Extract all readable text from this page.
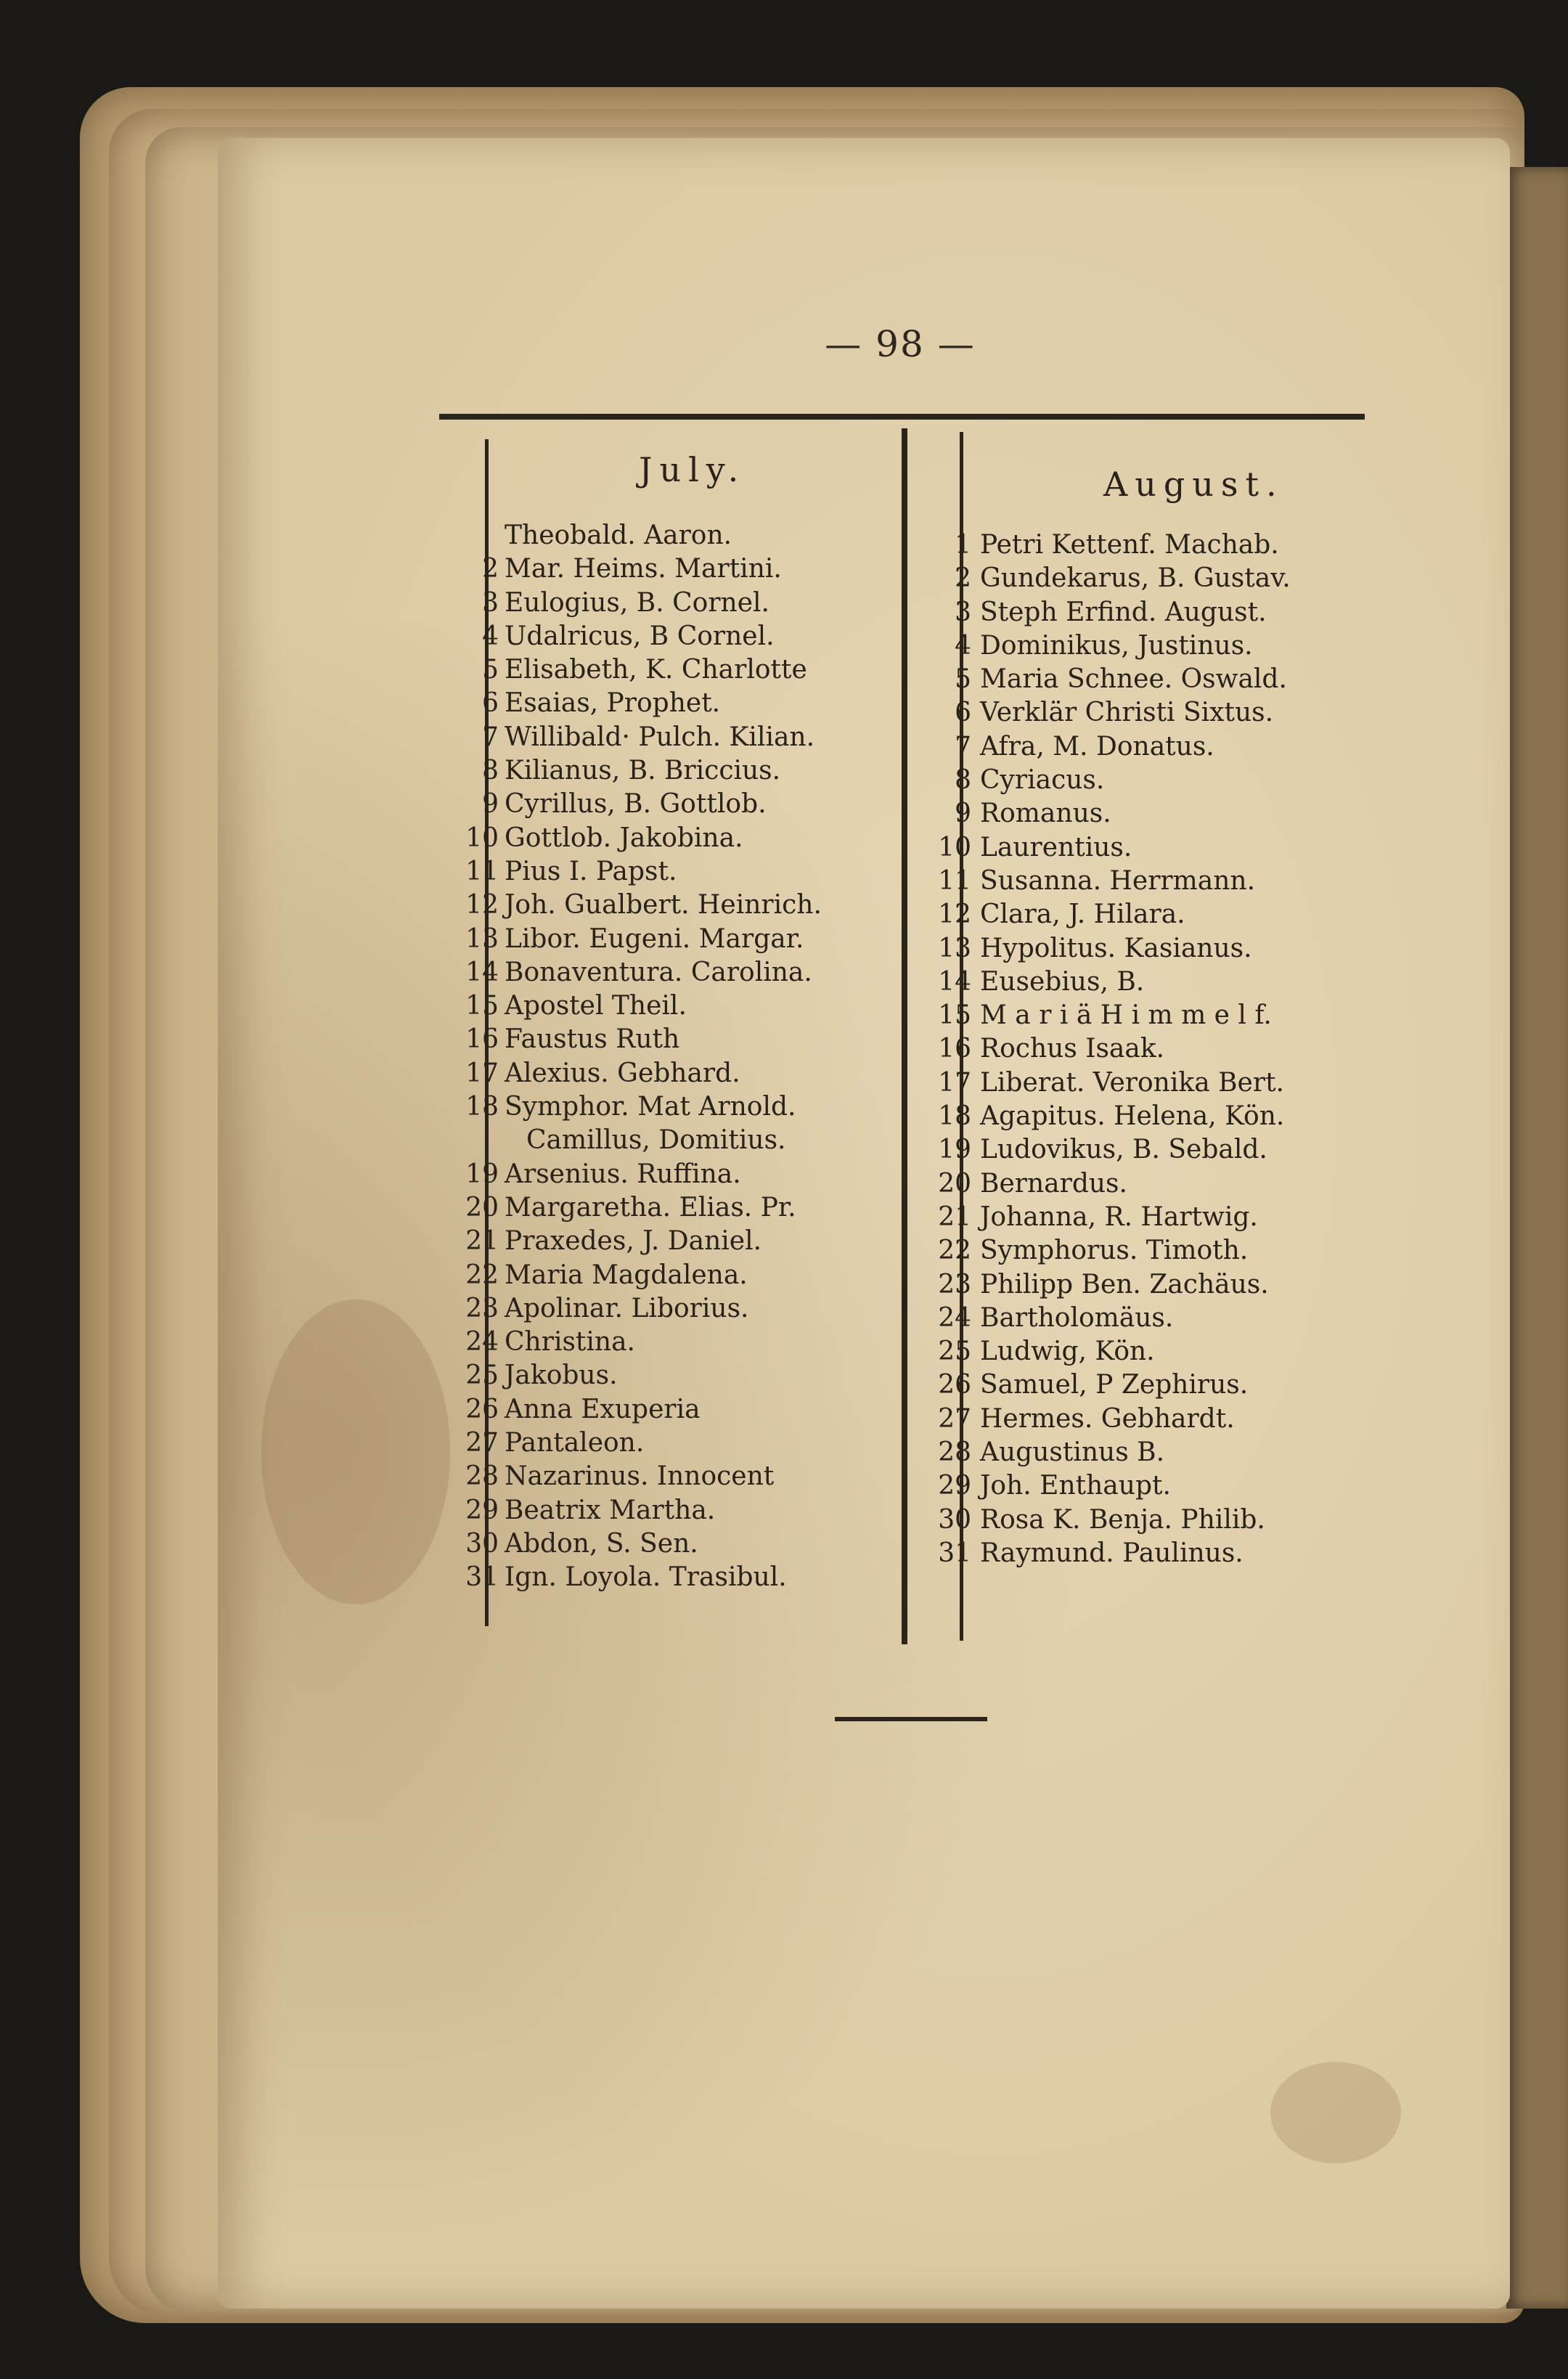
— 98 —
July.
Theobald. Aaron.
2 Mar. Heims. Martini.
3 Eulogius, B. Cornel.
4 Udalricus, B Cornel.
5 Elisabeth, K. Charlotte
6 Esaias, Prophet.
7 Willibald· Pulch. Kilian.
8 Kilianus, B. Briccius.
9 Cyrillus, B. Gottlob.
10 Gottlob. Jakobina.
11 Pius I. Papst.
12 Joh. Gualbert. Heinrich.
13 Libor. Eugeni. Margar.
14 Bonaventura. Carolina.
15 Apostel Theil.
16 Faustus Ruth
17 Alexius. Gebhard.
18 Symphor. Mat Arnold.
Camillus, Domitius.
19 Arsenius. Ruffina.
20 Margaretha. Elias. Pr.
21 Praxedes, J. Daniel.
22 Maria Magdalena.
23 Apolinar. Liborius.
24 Christina.
25 Jakobus.
26 Anna Exuperia
27 Pantaleon.
28 Nazarinus. Innocent
29 Beatrix Martha.
30 Abdon, S. Sen.
31 Ign. Loyola. Trasibul.
August.
1 Petri Kettenf. Machab.
2 Gundekarus, B. Gustav.
3 Steph Erfind. August.
4 Dominikus, Justinus.
5 Maria Schnee. Oswald.
6 Verklär Christi Sixtus.
7 Afra, M. Donatus.
8 Cyriacus.
9 Romanus.
10 Laurentius.
11 Susanna. Herrmann.
12 Clara, J. Hilara.
13 Hypolitus. Kasianus.
14 Eusebius, B.
15 M a r i ä H i m m e l f.
16 Rochus Isaak.
17 Liberat. Veronika Bert.
18 Agapitus. Helena, Kön.
19 Ludovikus, B. Sebald.
20 Bernardus.
21 Johanna, R. Hartwig.
22 Symphorus. Timoth.
23 Philipp Ben. Zachäus.
24 Bartholomäus.
25 Ludwig, Kön.
26 Samuel, P Zephirus.
27 Hermes. Gebhardt.
28 Augustinus B.
29 Joh. Enthaupt.
30 Rosa K. Benja. Philib.
31 Raymund. Paulinus.
